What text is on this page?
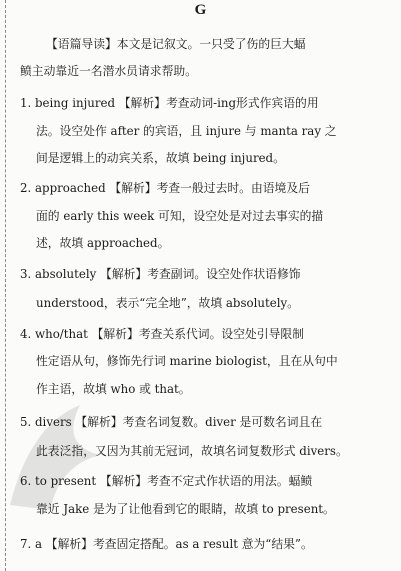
G
【语篇导读】本文是记叙文。一只受了伤的巨大蝠
鲼主动靠近一名潜水员请求帮助。
1. being injured 【解析】考查动词-ing形式作宾语的用
法。设空处作 after 的宾语，且 injure 与 manta ray 之
间是逻辑上的动宾关系，故填 being injured。
2. approached 【解析】考查一般过去时。由语境及后
面的 early this week 可知，设空处是对过去事实的描
述，故填 approached。
3. absolutely 【解析】考查副词。设空处作状语修饰
understood，表示“完全地”，故填 absolutely。
4. who/that 【解析】考查关系代词。设空处引导限制
性定语从句，修饰先行词 marine biologist，且在从句中
作主语，故填 who 或 that。
5. divers 【解析】考查名词复数。diver 是可数名词且在
此表泛指，又因为其前无冠词，故填名词复数形式 divers。
6. to present 【解析】考查不定式作状语的用法。蝠鲼
靠近 Jake 是为了让他看到它的眼睛，故填 to present。
7. a 【解析】考查固定搭配。as a result 意为“结果”。
